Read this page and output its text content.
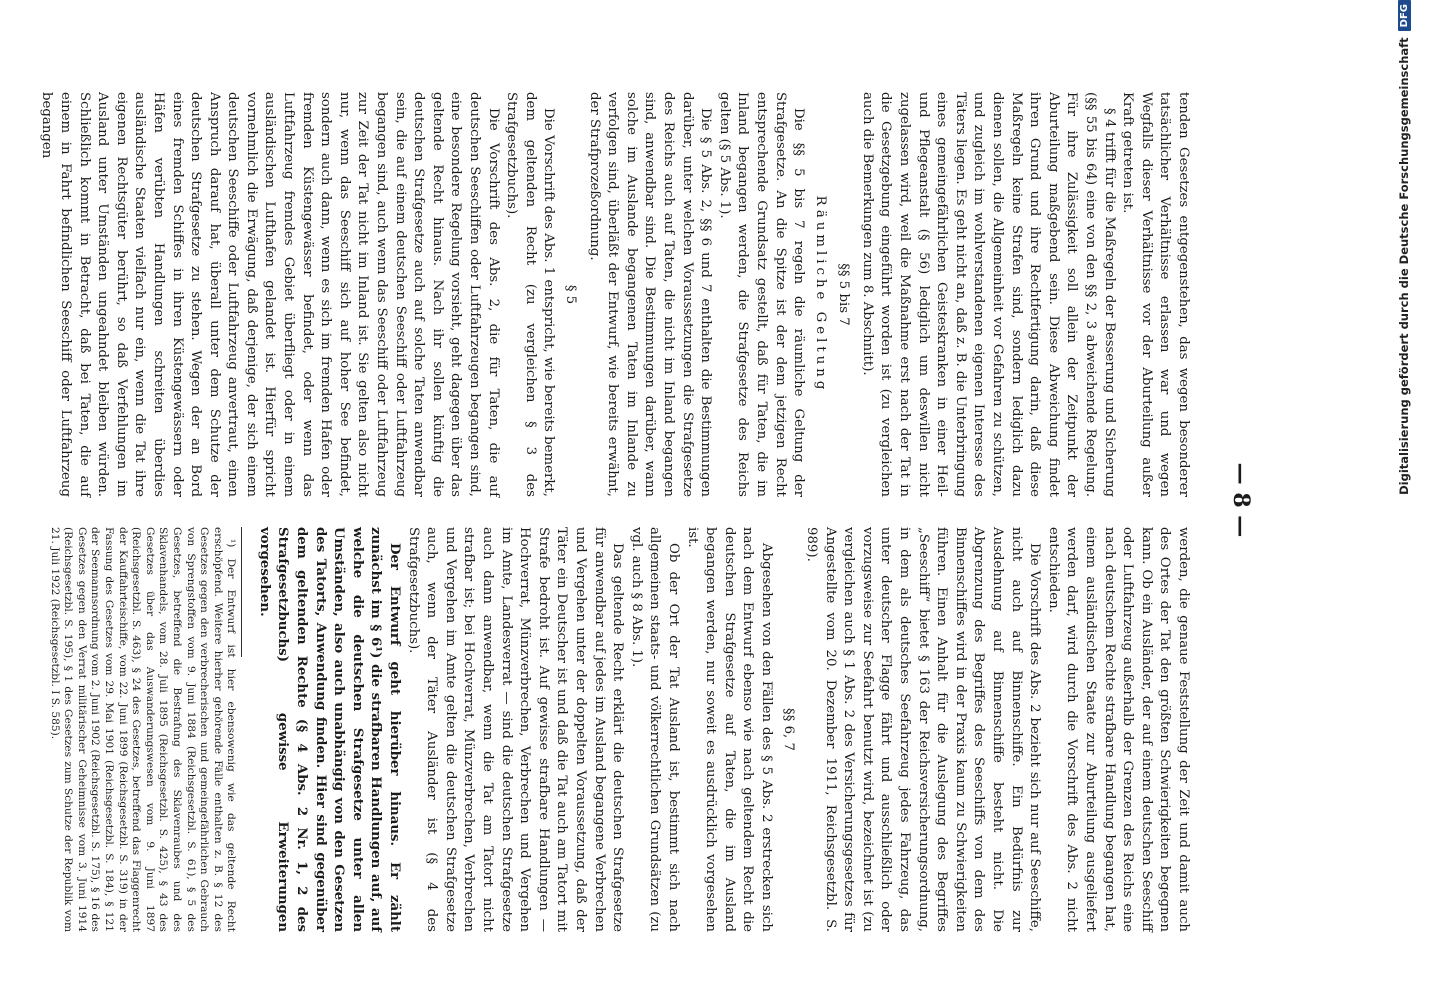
— 8 —

tenden Gesetzes entgegenstehen, das wegen besonderer tatsächlicher Verhältnisse erlassen war und wegen Wegfalls dieser Verhältnisse vor der Aburteilung außer Kraft getreten ist.

§ 4 trifft für die Maßregeln der Besserung und Sicherung (§§ 55 bis 64) eine von den §§ 2, 3 abweichende Regelung. Für ihre Zulässigkeit soll allein der Zeitpunkt der Aburteilung maßgebend sein. Diese Abweichung findet ihren Grund und ihre Rechtfertigung darin, daß diese Maßregeln keine Strafen sind, sondern lediglich dazu dienen sollen, die Allgemeinheit vor Gefahren zu schützen, und zugleich im wohlverstandenen eigenen Interesse des Täters liegen. Es geht nicht an, daß z. B. die Unterbringung eines gemeingefährlichen Geisteskranken in einer Heil- und Pflegeanstalt (§ 56) lediglich um deswillen nicht zugelassen wird, weil die Maßnahme erst nach der Tat in die Gesetzgebung eingeführt worden ist (zu vergleichen auch die Bemerkungen zum 8. Abschnitt).

§§ 5 bis 7

Räumliche Geltung

Die §§ 5 bis 7 regeln die räumliche Geltung der Strafgesetze. An die Spitze ist der dem jetzigen Recht entsprechende Grundsatz gestellt, daß für Taten, die im Inland begangen werden, die Strafgesetze des Reichs gelten (§ 5 Abs. 1).

Die § 5 Abs. 2, §§ 6 und 7 enthalten die Bestimmungen darüber, unter welchen Voraussetzungen die Strafgesetze des Reichs auch auf Taten, die nicht im Inland begangen sind, anwendbar sind. Die Bestimmungen darüber, wann solche im Auslande begangenen Taten im Inlande zu verfolgen sind, überläßt der Entwurf, wie bereits erwähnt, der Strafprozeßordnung.

§ 5

Die Vorschrift des Abs. 1 entspricht, wie bereits bemerkt, dem geltenden Recht (zu vergleichen § 3 des Strafgesetzbuchs).

Die Vorschrift des Abs. 2, die für Taten, die auf deutschen Seeschiffen oder Luftfahrzeugen begangen sind, eine besondere Regelung vorsieht, geht dagegen über das geltende Recht hinaus. Nach ihr sollen künftig die deutschen Strafgesetze auch auf solche Taten anwendbar sein, die auf einem deutschen Seeschiff oder Luftfahrzeug begangen sind, auch wenn das Seeschiff oder Luftfahrzeug zur Zeit der Tat nicht im Inland ist. Sie gelten also nicht nur, wenn das Seeschiff sich auf hoher See befindet, sondern auch dann, wenn es sich im fremden Hafen oder fremden Küstengewässer befindet, oder wenn das Luftfahrzeug fremdes Gebiet überfliegt oder in einem ausländischen Lufthafen gelandet ist. Hierfür spricht vornehmlich die Erwägung, daß derjenige, der sich einem deutschen Seeschiffe oder Luftfahrzeug anvertraut, einen Anspruch darauf hat, überall unter dem Schutze der deutschen Strafgesetze zu stehen. Wegen der an Bord eines fremden Schiffes in ihren Küstengewässern oder Häfen verübten Handlungen schreiten überdies ausländische Staaten vielfach nur ein, wenn die Tat ihre eigenen Rechtsgüter berührt, so daß Verfehlungen im Ausland unter Umständen ungeahndet bleiben würden. Schließlich kommt in Betracht, daß bei Taten, die auf einem in Fahrt befindlichen Seeschiff oder Luftfahrzeug begangen

werden, die genaue Feststellung der Zeit und damit auch des Ortes der Tat den größten Schwierigkeiten begegnen kann. Ob ein Ausländer, der auf einem deutschen Seeschiff oder Luftfahrzeug außerhalb der Grenzen des Reichs eine nach deutschem Rechte strafbare Handlung begangen hat, einem ausländischen Staate zur Aburteilung ausgeliefert werden darf, wird durch die Vorschrift des Abs. 2 nicht entschieden.

Die Vorschrift des Abs. 2 bezieht sich nur auf Seeschiffe, nicht auch auf Binnenschiffe. Ein Bedürfnis zur Ausdehnung auf Binnenschiffe besteht nicht. Die Abgrenzung des Begriffes des Seeschiffs von dem des Binnenschiffes wird in der Praxis kaum zu Schwierigkeiten führen. Einen Anhalt für die Auslegung des Begriffes „Seeschiff“ bietet § 163 der Reichsversicherungsordnung, in dem als deutsches Seefahrzeug jedes Fahrzeug, das unter deutscher Flagge fährt und ausschließlich oder vorzugsweise zur Seefahrt benutzt wird, bezeichnet ist (zu vergleichen auch § 1 Abs. 2 des Versicherungsgesetzes für Angestellte vom 20. Dezember 1911, Reichsgesetzbl. S. 989).

§§ 6, 7

Abgesehen von den Fällen des § 5 Abs. 2 erstrecken sich nach dem Entwurf ebenso wie nach geltendem Recht die deutschen Strafgesetze auf Taten, die im Ausland begangen werden, nur soweit es ausdrücklich vorgesehen ist.

Ob der Ort der Tat Ausland ist, bestimmt sich nach allgemeinen staats- und völkerrechtlichen Grundsätzen (zu vgl. auch § 8 Abs. 1).

Das geltende Recht erklärt die deutschen Strafgesetze für anwendbar auf jedes im Ausland begangene Verbrechen und Vergehen unter der doppelten Voraussetzung, daß der Täter ein Deutscher ist und daß die Tat auch am Tatort mit Strafe bedroht ist. Auf gewisse strafbare Handlungen — Hochverrat, Münzverbrechen, Verbrechen und Vergehen im Amte, Landesverrat — sind die deutschen Strafgesetze auch dann anwendbar, wenn die Tat am Tatort nicht strafbar ist; bei Hochverrat, Münzverbrechen, Verbrechen und Vergehen im Amte gelten die deutschen Strafgesetze auch, wenn der Täter Ausländer ist (§ 4 des Strafgesetzbuchs).

Der Entwurf geht hierüber hinaus. Er zählt zunächst im § 6¹) die strafbaren Handlungen auf, auf welche die deutschen Strafgesetze unter allen Umständen, also auch unabhängig von den Gesetzen des Tatorts, Anwendung finden. Hier sind gegenüber dem geltenden Rechte (§ 4 Abs. 2 Nr. 1, 2 des Strafgesetzbuchs) gewisse Erweiterungen vorgesehen.

¹) Der Entwurf ist hier ebensowenig wie das geltende Recht erschöpfend. Weitere hierher gehörende Fälle enthalten z. B. § 12 des Gesetzes gegen den verbrecherischen und gemeingefährlichen Gebrauch von Sprengstoffen vom 9. Juni 1884 (Reichsgesetzbl. S. 61), § 5 des Gesetzes, betreffend die Bestrafung des Sklavenraubes und des Sklavenhandels, vom 28. Juli 1895 (Reichsgesetzbl. S. 425), § 43 des Gesetzes über das Auswanderungswesen vom 9. Juni 1897 (Reichsgesetzbl. S. 463), § 24 des Gesetzes, betreffend das Flaggenrecht der Kauffahrteischiffe, vom 22. Juni 1899 (Reichsgesetzbl. S. 319) in der Fassung des Gesetzes vom 29. Mai 1901 (Reichsgesetzbl. S. 184), § 121 der Seemannsordnung vom 2. Juni 1902 (Reichsgesetzbl. S. 175), § 16 des Gesetzes gegen den Verrat militärischer Geheimnisse vom 3. Juni 1914 (Reichsgesetzbl. S. 195), § 1 des Gesetzes zum Schutze der Republik vom 21. Juli 1922 (Reichsgesetzbl. I S. 585).

Digitalisierung gefördert durch die Deutsche Forschungsgemeinschaft
DFG
